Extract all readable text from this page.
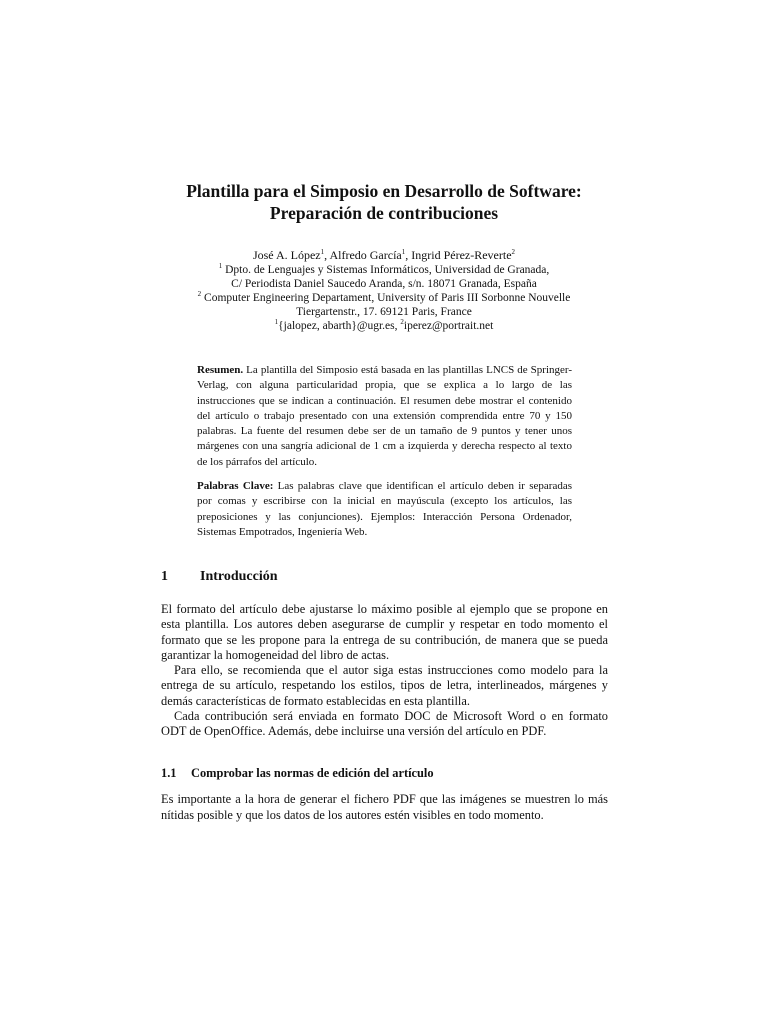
Plantilla para el Simposio en Desarrollo de Software:
Preparación de contribuciones
José A. López$^1$, Alfredo García$^1$, Ingrid Pérez-Reverte$^2$
$^1$ Dpto. de Lenguajes y Sistemas Informáticos, Universidad de Granada,
C/ Periodista Daniel Saucedo Aranda, s/n. 18071 Granada, España
$^2$ Computer Engineering Departament, University of Paris III Sorbonne Nouvelle
Tiergartenstr., 17. 69121 Paris, France
$^1${jalopez, abarth}@ugr.es, $^2$iperez@portrait.net

Resumen. La plantilla del Simposio está basada en las plantillas LNCS de Springer-Verlag, con alguna particularidad propia, que se explica a lo largo de las instrucciones que se indican a continuación. El resumen debe mostrar el contenido del artículo o trabajo presentado con una extensión comprendida entre 70 y 150 palabras. La fuente del resumen debe ser de un tamaño de 9 puntos y tener unos márgenes con una sangría adicional de 1 cm a izquierda y derecha respecto al texto de los párrafos del artículo.

Palabras Clave: Las palabras clave que identifican el artículo deben ir separadas por comas y escribirse con la inicial en mayúscula (excepto los artículos, las preposiciones y las conjunciones). Ejemplos: Interacción Persona Ordenador, Sistemas Empotrados, Ingeniería Web.

1 Introducción

El formato del artículo debe ajustarse lo máximo posible al ejemplo que se propone en esta plantilla. Los autores deben asegurarse de cumplir y respetar en todo momento el formato que se les propone para la entrega de su contribución, de manera que se pueda garantizar la homogeneidad del libro de actas.

Para ello, se recomienda que el autor siga estas instrucciones como modelo para la entrega de su artículo, respetando los estilos, tipos de letra, interlineados, márgenes y demás características de formato establecidas en esta plantilla.

Cada contribución será enviada en formato DOC de Microsoft Word o en formato ODT de OpenOffice. Además, debe incluirse una versión del artículo en PDF.

1.1 Comprobar las normas de edición del artículo

Es importante a la hora de generar el fichero PDF que las imágenes se muestren lo más nítidas posible y que los datos de los autores estén visibles en todo momento.
